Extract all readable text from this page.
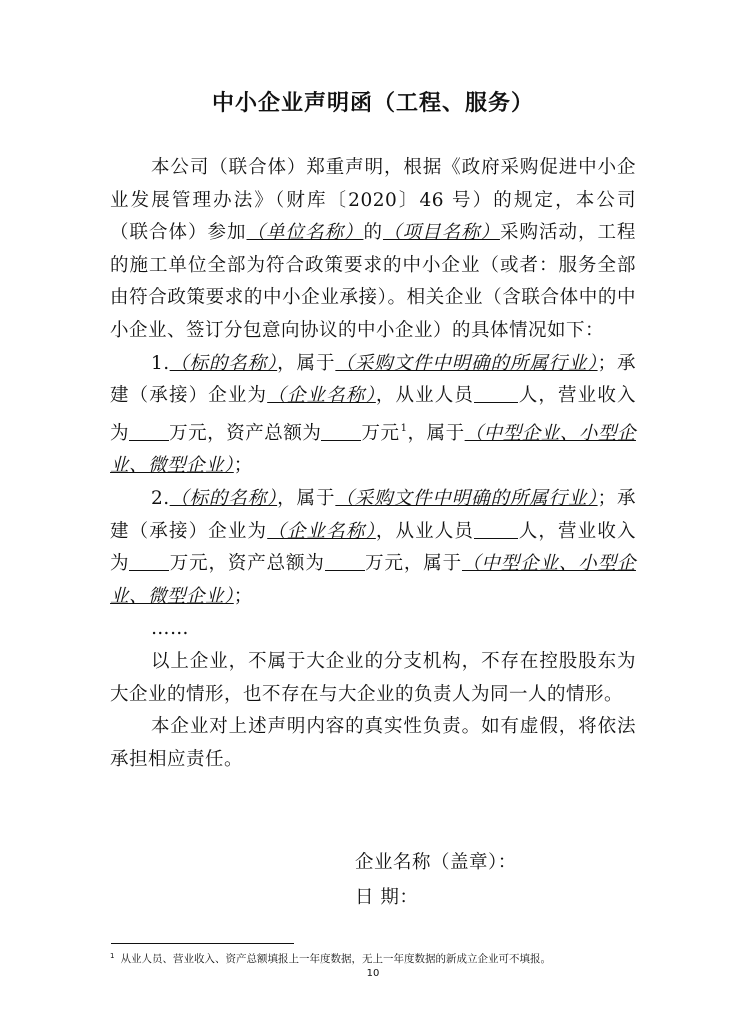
中小企业声明函（工程、服务）

本公司（联合体）郑重声明，根据《政府采购促进中小企业发展管理办法》（财库〔2020〕46 号）的规定，本公司（联合体）参加（单位名称）的（项目名称）采购活动，工程的施工单位全部为符合政策要求的中小企业（或者：服务全部由符合政策要求的中小企业承接）。相关企业（含联合体中的中小企业、签订分包意向协议的中小企业）的具体情况如下：

1.（标的名称），属于（采购文件中明确的所属行业）；承建（承接）企业为（企业名称），从业人员 人，营业收入为 万元，资产总额为 万元$^1$，属于（中型企业、小型企业、微型企业）；

2.（标的名称），属于（采购文件中明确的所属行业）；承建（承接）企业为（企业名称），从业人员 人，营业收入为 万元，资产总额为 万元，属于（中型企业、小型企业、微型企业）；

……

以上企业，不属于大企业的分支机构，不存在控股股东为大企业的情形，也不存在与大企业的负责人为同一人的情形。

本企业对上述声明内容的真实性负责。如有虚假，将依法承担相应责任。

企业名称（盖章）：
日 期：
$^1$ 从业人员、营业收入、资产总额填报上一年度数据，无上一年度数据的新成立企业可不填报。
10
